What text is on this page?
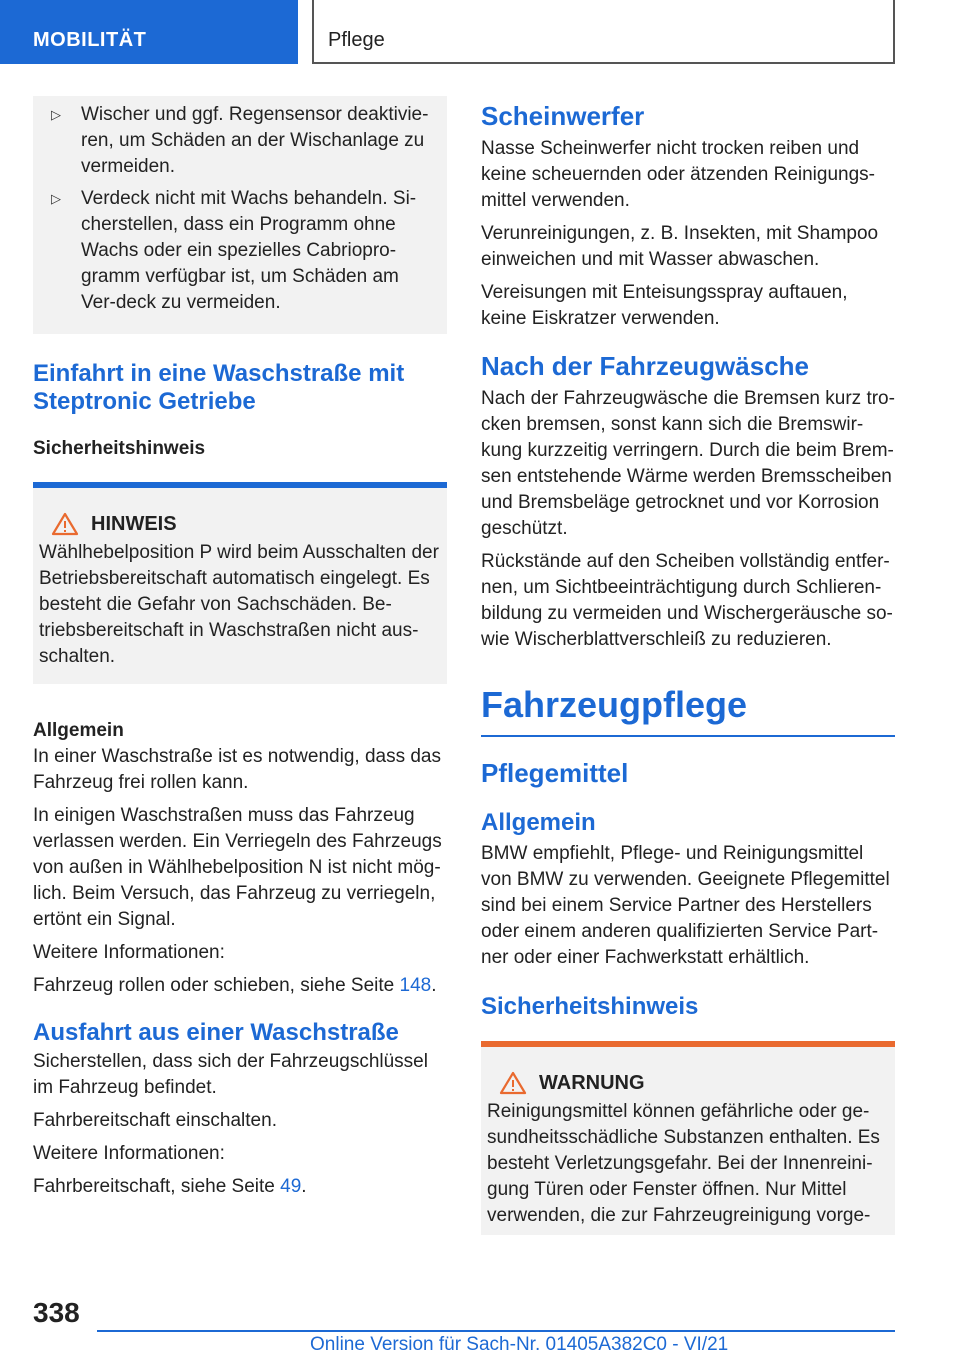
MOBILITÄT	Pflege
▷ Wischer und ggf. Regensensor deaktivie‐ren, um Schäden an der Wischanlage zu vermeiden.
▷ Verdeck nicht mit Wachs behandeln. Si‐cherstellen, dass ein Programm ohne Wachs oder ein spezielles Cabriopro‐gramm verfügbar ist, um Schäden am Ver‐deck zu vermeiden.
Einfahrt in eine Waschstraße mit Steptronic Getriebe
Sicherheitshinweis
HINWEIS

Wählhebelposition P wird beim Ausschalten der Betriebsbereitschaft automatisch eingelegt. Es besteht die Gefahr von Sachschäden. Be‐triebsbereitschaft in Waschstraßen nicht aus‐schalten.

Allgemein

In einer Waschstraße ist es notwendig, dass das Fahrzeug frei rollen kann.

In einigen Waschstraßen muss das Fahrzeug verlassen werden. Ein Verriegeln des Fahrzeugs von außen in Wählhebelposition N ist nicht mög‐lich. Beim Versuch, das Fahrzeug zu verriegeln, ertönt ein Signal.

Weitere Informationen:

Fahrzeug rollen oder schieben, siehe Seite 148.

Ausfahrt aus einer Waschstraße

Sicherstellen, dass sich der Fahrzeugschlüssel im Fahrzeug befindet.

Fahrbereitschaft einschalten.

Weitere Informationen:

Fahrbereitschaft, siehe Seite 49.

Scheinwerfer

Nasse Scheinwerfer nicht trocken reiben und keine scheuernden oder ätzenden Reinigungs‐mittel verwenden.

Verunreinigungen, z. B. Insekten, mit Shampoo einweichen und mit Wasser abwaschen.

Vereisungen mit Enteisungsspray auftauen, keine Eiskratzer verwenden.

Nach der Fahrzeugwäsche

Nach der Fahrzeugwäsche die Bremsen kurz tro‐cken bremsen, sonst kann sich die Bremswir‐kung kurzzeitig verringern. Durch die beim Brem‐sen entstehende Wärme werden Bremsscheiben und Bremsbeläge getrocknet und vor Korrosion geschützt.

Rückstände auf den Scheiben vollständig entfer‐nen, um Sichtbeeinträchtigung durch Schlieren‐bildung zu vermeiden und Wischergeräusche so‐wie Wischerblattverschleiß zu reduzieren.

Fahrzeugpflege
Pflegemittel
Allgemein

BMW empfiehlt, Pflege- und Reinigungsmittel von BMW zu verwenden. Geeignete Pflegemittel sind bei einem Service Partner des Herstellers oder einem anderen qualifizierten Service Part‐ner oder einer Fachwerkstatt erhältlich.

Sicherheitshinweis
WARNUNG

Reinigungsmittel können gefährliche oder ge‐sundheitsschädliche Substanzen enthalten. Es besteht Verletzungsgefahr. Bei der Innenreini‐gung Türen oder Fenster öffnen. Nur Mittel verwenden, die zur Fahrzeugreinigung vorge‐

338
Online Version für Sach-Nr. 01405A382C0 - VI/21
